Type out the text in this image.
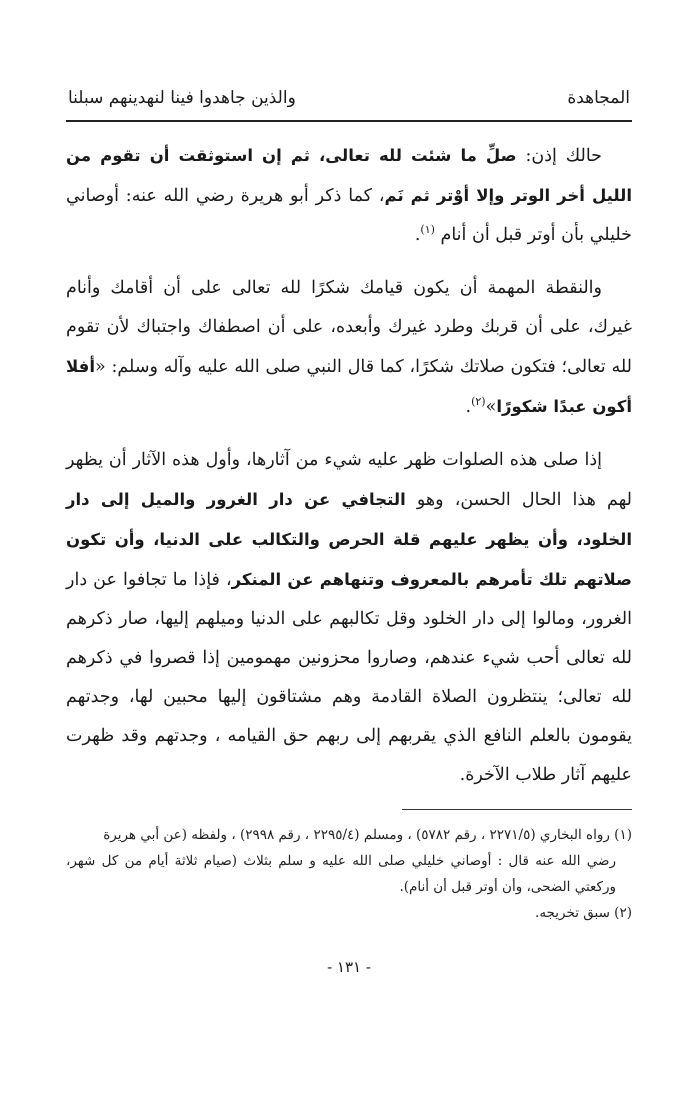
المجاهدة
والذين جاهدوا فينا لنهدينهم سبلنا

حالك إذن: صلِّ ما شئت لله تعالى، ثم إن استوثقت أن تقوم من الليل أخر الوتر وإلا أوْتر ثم نَم، كما ذكر أبو هريرة رضي الله عنه: أوصاني خليلي بأن أوتر قبل أن أنام $^{(١)}$.

والنقطة المهمة أن يكون قيامك شكرًا لله تعالى على أن أقامك وأنام غيرك، على أن قربك وطرد غيرك وأبعده، على أن اصطفاك واجتباك لأن تقوم لله تعالى؛ فتكون صلاتك شكرًا، كما قال النبي صلى الله عليه وآله وسلم: «أفلا أكون عبدًا شكورًا»$^{(٢)}$.

إذا صلى هذه الصلوات ظهر عليه شيء من آثارها، وأول هذه الآثار أن يظهر لهم هذا الحال الحسن، وهو التجافي عن دار الغرور والميل إلى دار الخلود، وأن يظهر عليهم قلة الحرص والتكالب على الدنيا، وأن تكون صلاتهم تلك تأمرهم بالمعروف وتنهاهم عن المنكر، فإذا ما تجافوا عن دار الغرور، ومالوا إلى دار الخلود وقل تكالبهم على الدنيا وميلهم إليها، صار ذكرهم لله تعالى أحب شيء عندهم، وصاروا محزونين مهمومين إذا قصروا في ذكرهم لله تعالى؛ ينتظرون الصلاة القادمة وهم مشتاقون إليها محبين لها، وجدتهم يقومون بالعلم النافع الذي يقربهم إلى ربهم حق القيامه ، وجدتهم وقد ظهرت عليهم آثار طلاب الآخرة.

(١) رواه البخاري (٢٢٧١/٥ ، رقم ٥٧٨٢) ، ومسلم (٢٢٩٥/٤ ، رقم ٢٩٩٨) ، ولفظه (عن أبي هريرة

رضي الله عنه قال : أوصاني خليلي صلى الله عليه و سلم بثلاث (صيام ثلاثة أيام من كل شهر، وركعتي الضحى، وأن أوتر قبل أن أنام).

(٢) سبق تخريجه.

- ١٣١ -
